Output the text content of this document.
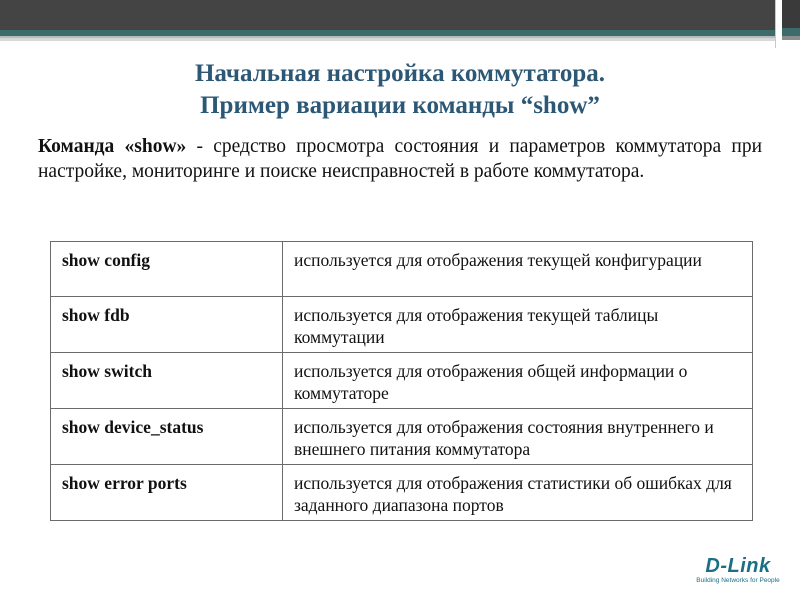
Начальная настройка коммутатора.
Пример вариации команды “show”
Команда «show» - средство просмотра состояния и параметров коммутатора при настройке, мониторинге и поиске неисправностей в работе коммутатора.
show config	используется для отображения текущей конфигурации
show fdb	используется для отображения текущей таблицы коммутации
show switch	используется для отображения общей информации о коммутаторе
show device_status	используется для отображения состояния внутреннего и внешнего питания коммутатора
show error ports	используется для отображения статистики об ошибках для заданного диапазона портов
D-Link
Building Networks for People
